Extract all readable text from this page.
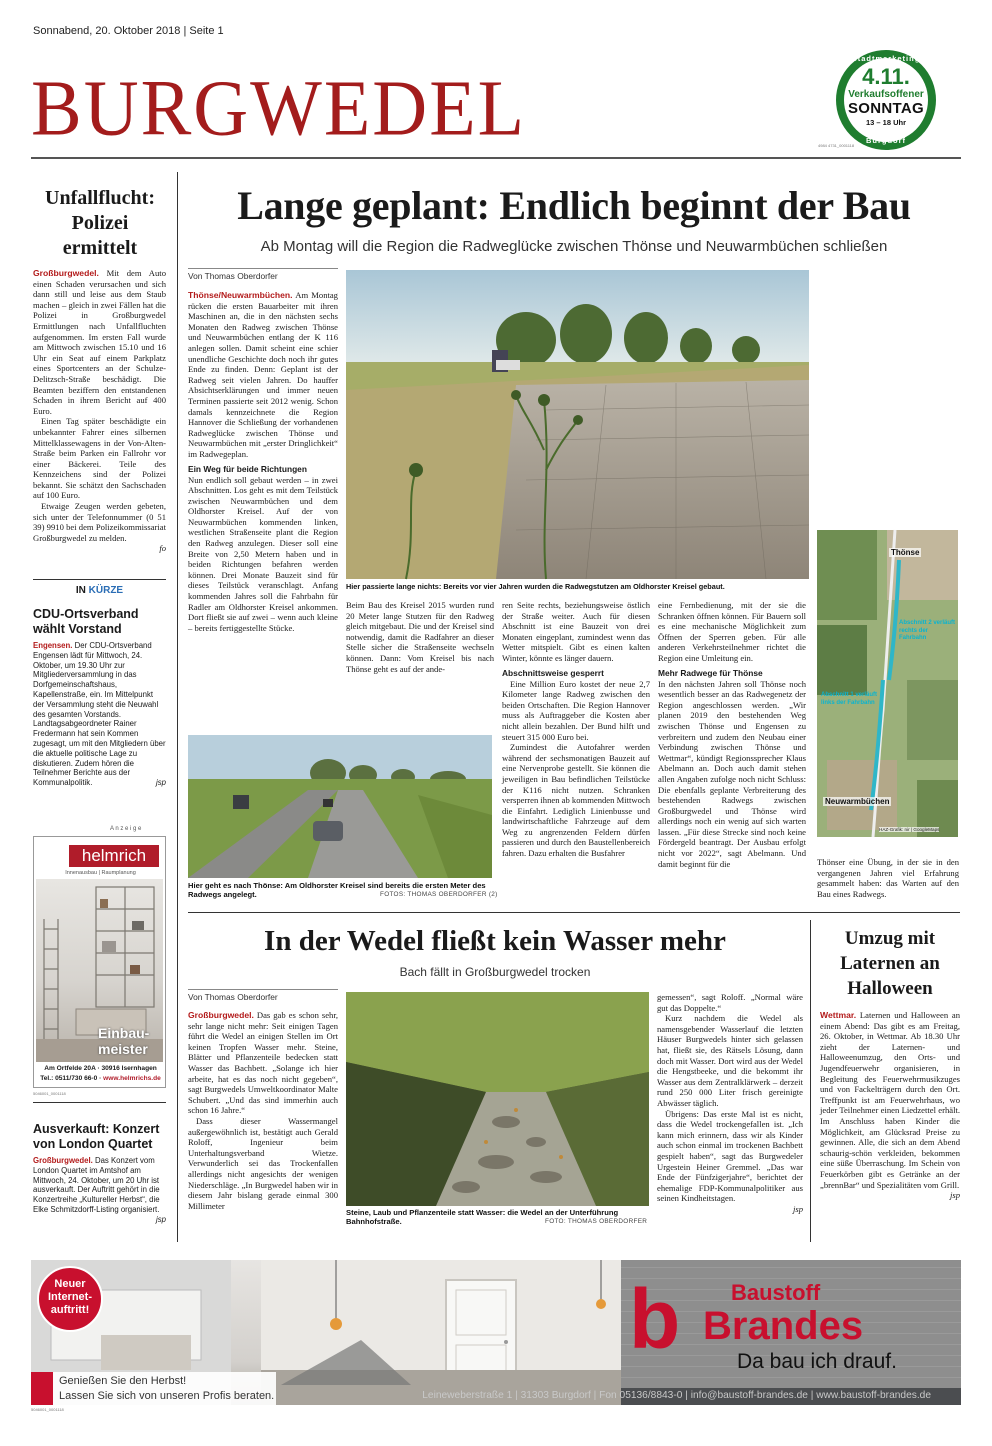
Sonnabend, 20. Oktober 2018 | Seite 1
BURGWEDEL
Stadtmarketing
4.11.
Verkaufsoffener
SONNTAG
13 – 18 Uhr
Burgdorf
4984 4731_0001118
Unfallflucht: Polizei ermittelt

Großburgwedel. Mit dem Auto einen Schaden verursachen und sich dann still und leise aus dem Staub machen – gleich in zwei Fällen hat die Polizei in Großburgwedel Ermittlungen nach Unfallfluchten aufgenommen. Im ersten Fall wurde am Mittwoch zwischen 15.10 und 16 Uhr ein Seat auf einem Parkplatz eines Sportcenters an der Schulze-Delitzsch-Straße beschädigt. Die Beamten beziffern den entstandenen Schaden in ihrem Bericht auf 400 Euro.

Einen Tag später beschädigte ein unbekannter Fahrer eines silbernen Mittelklassewagens in der Von-Alten-Straße beim Parken ein Fallrohr vor einer Bäckerei. Teile des Kennzeichens sind der Polizei bekannt. Sie schätzt den Sachschaden auf 100 Euro.

Etwaige Zeugen werden gebeten, sich unter der Telefonnummer (0 51 39) 9910 bei dem Polizeikommissariat Großburgwedel zu melden.

fo

IN KÜRZE
CDU-Ortsverband wählt Vorstand
Engensen. Der CDU-Ortsverband Engensen lädt für Mittwoch, 24. Oktober, um 19.30 Uhr zur Mitgliederversammlung in das Dorfgemeinschaftshaus, Kapellenstraße, ein. Im Mittelpunkt der Versammlung steht die Neuwahl des gesamten Vorstands. Landtagsabgeordneter Rainer Fredermann hat sein Kommen zugesagt, um mit den Mitgliedern über die aktuelle politische Lage zu diskutieren. Zudem hören die Teilnehmer Berichte aus der Kommunalpolitik.	jsp
A n z e i g e
helmrich
Innenausbau | Raumplanung
Einbau-
meister
Am Ortfelde 20A · 30916 Isernhagen
Tel.: 0511/730 66-0 · www.helmrichs.de
5046001_0001118
Ausverkauft: Konzert von London Quartet
Großburgwedel. Das Konzert vom London Quartet im Amtshof am Mittwoch, 24. Oktober, um 20 Uhr ist ausverkauft. Der Auftritt gehört in die Konzertreihe „Kultureller Herbst“, die Elke Schmitzdorff-Listing organisiert.
jsp
Lange geplant: Endlich beginnt der Bau
Ab Montag will die Region die Radweglücke zwischen Thönse und Neuwarmbüchen schließen
Von Thomas Oberdorfer

Thönse/Neuwarmbüchen. Am Montag rücken die ersten Bauarbeiter mit ihren Maschinen an, die in den nächsten sechs Monaten den Radweg zwischen Thönse und Neuwarmbüchen entlang der K 116 anlegen sollen. Damit scheint eine schier unendliche Geschichte doch noch ihr gutes Ende zu finden. Denn: Geplant ist der Radweg seit vielen Jahren. Do hauffer Absichtserklärungen und immer neuen Terminen passierte seit 2012 wenig. Schon damals kennzeichnete die Region Hannover die Schließung der vorhandenen Radweglücke zwischen Thönse und Neuwarmbüchen mit „erster Dringlichkeit“ im Radwegeplan.

Ein Weg für beide Richtungen

Nun endlich soll gebaut werden – in zwei Abschnitten. Los geht es mit dem Teilstück zwischen Neuwarmbüchen und dem Oldhorster Kreisel. Auf der von Neuwarmbüchen kommenden linken, westlichen Straßenseite plant die Region den Radweg anzulegen. Dieser soll eine Breite von 2,50 Metern haben und in beiden Richtungen befahren werden können. Drei Monate Bauzeit sind für dieses Teilstück veranschlagt. Anfang kommenden Jahres soll die Fahrbahn für Radler am Oldhorster Kreisel ankommen. Dort fließt sie auf zwei – wenn auch kleine – bereits fertiggestellte Stücke.

Hier passierte lange nichts: Bereits vor vier Jahren wurden die Radwegstutzen am Oldhorster Kreisel gebaut.
Beim Bau des Kreisel 2015 wurden rund 20 Meter lange Stutzen für den Radweg gleich mitgebaut. Die und der Kreisel sind notwendig, damit die Radfahrer an dieser Stelle sicher die Straßenseite wechseln können. Dann: Vom Kreisel bis nach Thönse geht es auf der ande-

ren Seite rechts, beziehungsweise östlich der Straße weiter. Auch für diesen Abschnitt ist eine Bauzeit von drei Monaten eingeplant, zumindest wenn das Wetter mitspielt. Gibt es einen kalten Winter, könnte es länger dauern.

Abschnittsweise gesperrt

Eine Million Euro kostet der neue 2,7 Kilometer lange Radweg zwischen den beiden Ortschaften. Die Region Hannover muss als Auftraggeber die Kosten aber nicht allein bezahlen. Der Bund hilft und steuert 315 000 Euro bei.

Zumindest die Autofahrer werden während der sechsmonatigen Bauzeit auf eine Nervenprobe gestellt. Sie können die jeweiligen in Bau befindlichen Teilstücke der K116 nicht nutzen. Schranken versperren ihnen ab kommenden Mittwoch die Einfahrt. Lediglich Linienbusse und landwirtschaftliche Fahrzeuge auf dem Weg zu angrenzenden Feldern dürfen passieren und durch den Baustellenbereich fahren. Dazu erhalten die Busfahrer

eine Fernbedienung, mit der sie die Schranken öffnen können. Für Bauern soll es eine mechanische Möglichkeit zum Öffnen der Sperren geben. Für alle anderen Verkehrsteilnehmer richtet die Region eine Umleitung ein.

Mehr Radwege für Thönse

In den nächsten Jahren soll Thönse noch wesentlich besser an das Radwegenetz der Region angeschlossen werden. „Wir planen 2019 den bestehenden Weg zwischen Thönse und Engensen zu verbreitern und zudem den Neubau einer Verbindung zwischen Thönse und Wettmar“, kündigt Regionssprecher Klaus Abelmann an. Doch auch damit stehen allen Angaben zufolge noch nicht Schluss: Die ebenfalls geplante Verbreiterung des bestehenden Radwegs zwischen Großburgwedel und Thönse wird allerdings noch ein wenig auf sich warten lassen. „Für diese Strecke sind noch keine Fördergeld beantragt. Der Ausbau erfolgt nicht vor 2022“, sagt Abelmann. Und damit beginnt für die

Hier geht es nach Thönse: Am Oldhorster Kreisel sind bereits die ersten Meter des Radwegs angelegt.	FOTOS: THOMAS OBERDORFER (2)
Thönse
Abschnitt 2 verläuft rechts der Fahrbahn
Abschnitt 1 verläuft links der Fahrbahn
Neuwarmbüchen
HAZ-Grafik: nir | GoogleMaps
Thönser eine Übung, in der sie in den vergangenen Jahren viel Erfahrung gesammelt haben: das Warten auf den Bau eines Radwegs.
In der Wedel fließt kein Wasser mehr
Bach fällt in Großburgwedel trocken
Von Thomas Oberdorfer

Großburgwedel. Das gab es schon sehr, sehr lange nicht mehr: Seit einigen Tagen führt die Wedel an einigen Stellen im Ort keinen Tropfen Wasser mehr. Steine, Blätter und Pflanzenteile bedecken statt Wasser das Bachbett. „Solange ich hier arbeite, hat es das noch nicht gegeben“, sagt Burgwedels Umweltkoordinator Malte Schubert. „Und das sind immerhin auch schon 16 Jahre.“

Dass dieser Wassermangel außergewöhnlich ist, bestätigt auch Gerald Roloff, Ingenieur beim Unterhaltungsverband Wietze. Verwunderlich sei das Trockenfallen allerdings nicht angesichts der wenigen Niederschläge. „In Burgwedel haben wir in diesem Jahr bislang gerade einmal 300 Millimeter

Steine, Laub und Pflanzenteile statt Wasser: die Wedel an der Unterführung Bahnhofstraße.	FOTO: THOMAS OBERDORFER

gemessen“, sagt Roloff. „Normal wäre gut das Doppelte.“

Kurz nachdem die Wedel als namensgebender Wasserlauf die letzten Häuser Burgwedels hinter sich gelassen hat, fließt sie, des Rätsels Lösung, dann doch mit Wasser. Dort wird aus der Wedel die Hengstbeeke, und die bekommt ihr Wasser aus dem Zentralklärwerk – derzeit rund 250 000 Liter frisch gereinigte Abwässer täglich.

Übrigens: Das erste Mal ist es nicht, dass die Wedel trockengefallen ist. „Ich kann mich erinnern, dass wir als Kinder auch schon einmal im trockenen Bachbett gespielt haben“, sagt das Burgwedeler Urgestein Heiner Gremmel. „Das war Ende der Fünfzigerjahre“, berichtet der ehemalige FDP-Kommunalpolitiker aus seinen Kindheitstagen.

jsp

Umzug mit Laternen an Halloween

Wettmar. Laternen und Halloween an einem Abend: Das gibt es am Freitag, 26. Oktober, in Wettmar. Ab 18.30 Uhr zieht der Laternen- und Halloweenumzug, den Orts- und Jugendfeuerwehr organisieren, in Begleitung des Feuerwehrmusikzuges und von Fackelträgern durch den Ort. Treffpunkt ist am Feuerwehrhaus, wo jeder Teilnehmer einen Liedzettel erhält. Im Anschluss haben Kinder die Möglichkeit, am Glücksrad Preise zu gewinnen. Alle, die sich an dem Abend schaurig-schön verkleiden, bekommen eine süße Überraschung. Im Schein von Feuerkörben gibt es Getränke an der „brennBar“ und Spezialitäten vom Grill.

jsp

Neuer
Internet-
auftritt!
Genießen Sie den Herbst!
Lassen Sie sich von unseren Profis beraten.
b	Baustoff
Brandes
Da bau ich drauf.
Leineweberstraße 1 | 31303 Burgdorf | Fon 05136/8843-0 | info@baustoff-brandes.de | www.baustoff-brandes.de
5046001_0001118
